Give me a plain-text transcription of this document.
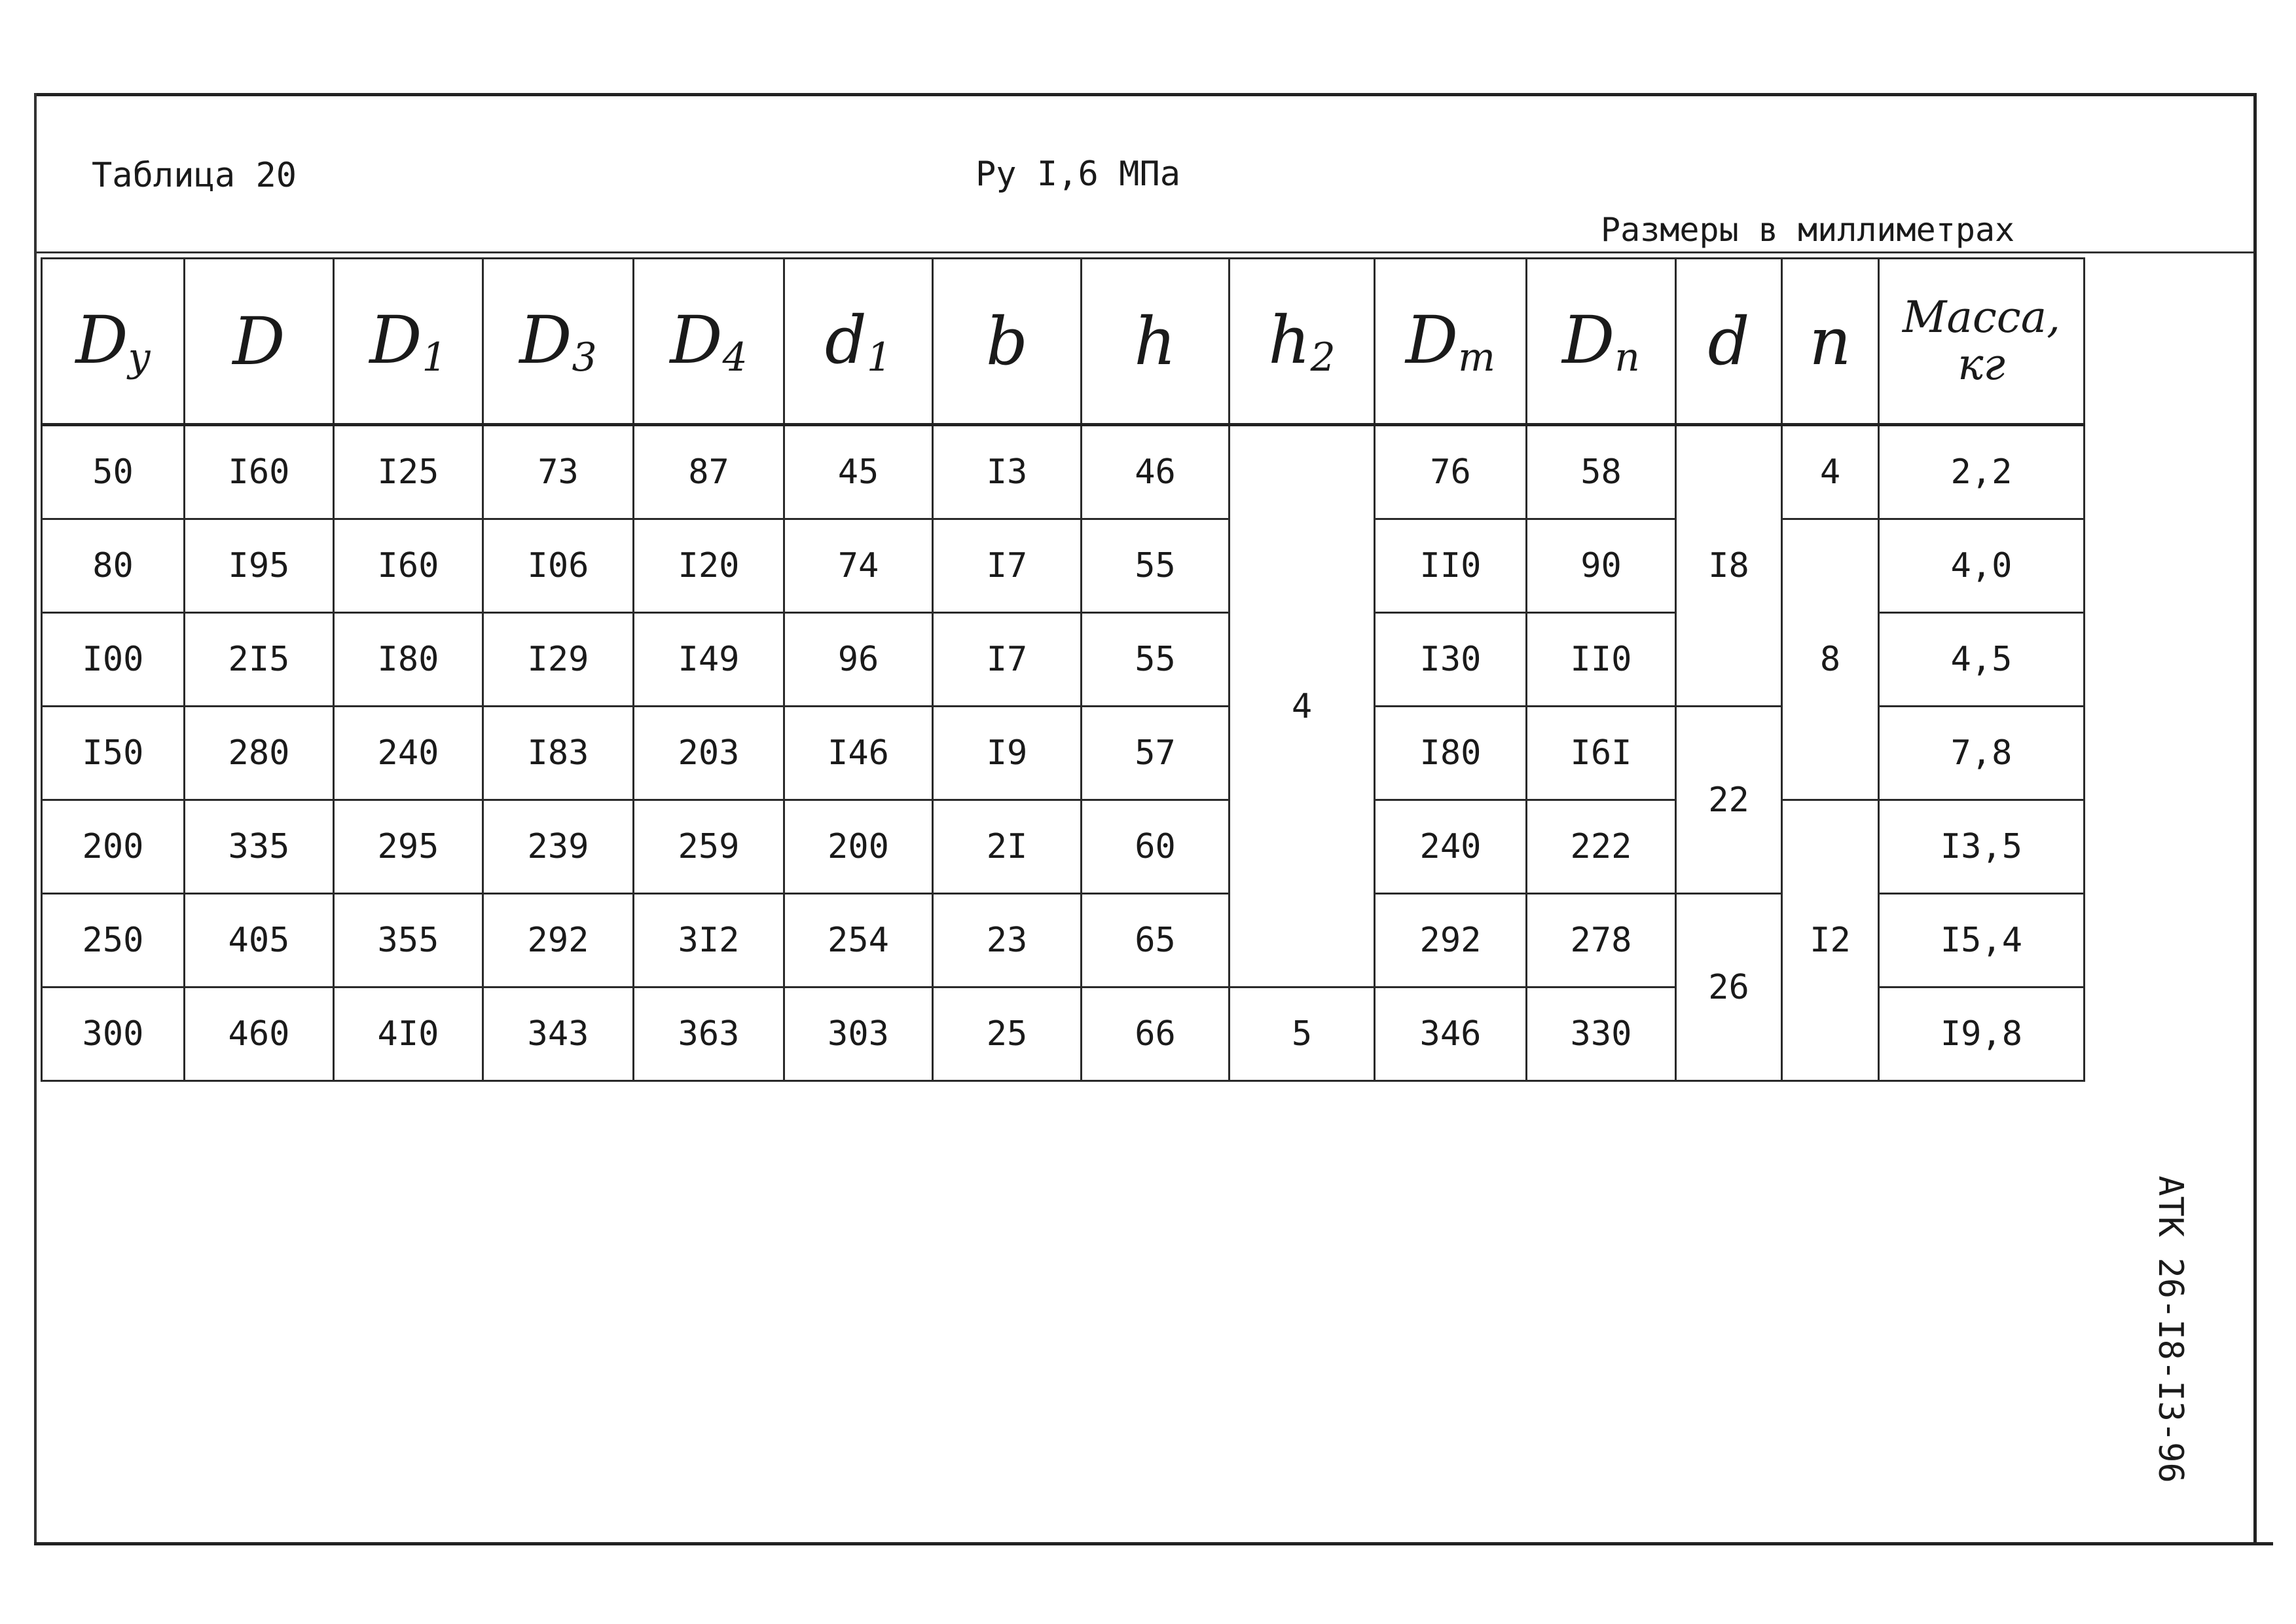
Таблица 20	Ру I,6 МПа
Размеры в миллиметрах
$D_y$	D	$D_1$	$D_3$	$D_4$	$d_1$	b	h	$h_2$	$D_m$	$D_n$	d	n	Масса,
кг

50	I60	I25	73	87	45	I3	46	4	76	58	I8	4	2,2
80	I95	I60	I06	I20	74	I7	55		II0	90		8	4,0
I00	2I5	I80	I29	I49	96	I7	55		I30	II0			4,5
I50	280	240	I83	203	I46	I9	57		I80	I6I	22		7,8
200	335	295	239	259	200	2I	60		240	222		I2	I3,5
250	405	355	292	3I2	254	23	65		292	278	26		I5,4
300	460	4I0	343	363	303	25	66	5	346	330			I9,8
АТК 26-I8-I3-96
